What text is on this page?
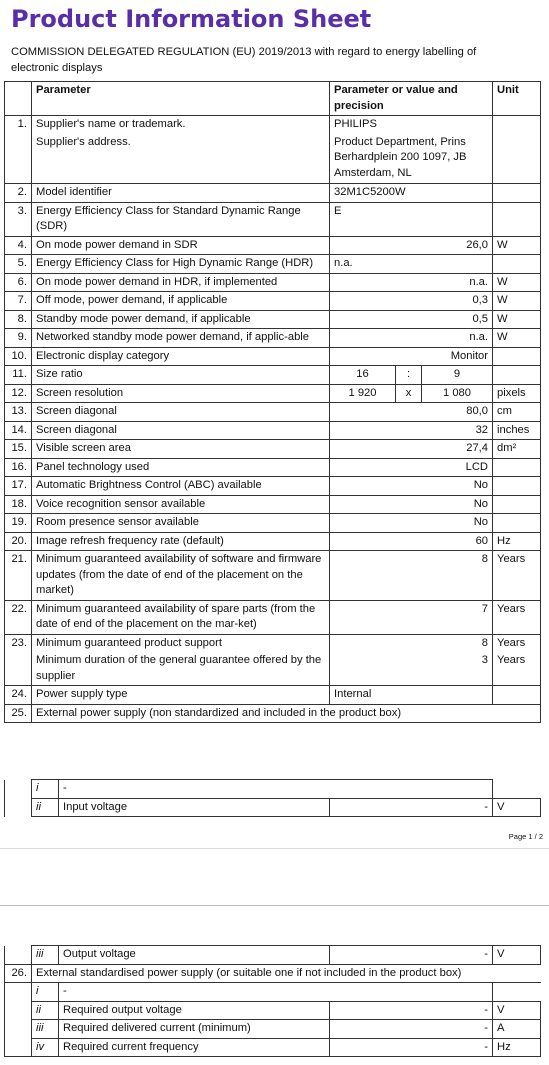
Product Information Sheet
COMMISSION DELEGATED REGULATION (EU) 2019/2013 with regard to energy labelling of electronic displays
	Parameter	Parameter or value and precision			Unit
1.	Supplier's name or trademark.	PHILIPS			
	Supplier's address.	Product Department, Prins Berhardplein 200 1097, JB Amsterdam, NL			
2.	Model identifier	32M1C5200W			
3.	Energy Efficiency Class for Standard Dynamic Range (SDR)	E			
4.	On mode power demand in SDR	26,0			W
5.	Energy Efficiency Class for High Dynamic Range (HDR)	n.a.			
6.	On mode power demand in HDR, if implemented	n.a.			W
7.	Off mode, power demand, if applicable	0,3			W
8.	Standby mode power demand, if applicable	0,5			W
9.	Networked standby mode power demand, if applic-able	n.a.			W
10.	Electronic display category	Monitor			
11.	Size ratio	16	:	9	
12.	Screen resolution	1 920	x	1 080	pixels
13.	Screen diagonal	80,0			cm
14.	Screen diagonal	32			inches
15.	Visible screen area	27,4			dm²
16.	Panel technology used	LCD			
17.	Automatic Brightness Control (ABC) available	No			
18.	Voice recognition sensor available	No			
19.	Room presence sensor available	No			
20.	Image refresh frequency rate (default)	60			Hz
21.	Minimum guaranteed availability of software and firmware updates (from the date of end of the placement on the market)	8			Years
22.	Minimum guaranteed availability of spare parts (from the date of end of the placement on the mar-ket)	7			Years
23.	Minimum guaranteed product support	8			Years
	Minimum duration of the general guarantee offered by the supplier	3			Years
24.	Power supply type	Internal			
25.	External power supply (non standardized and included in the product box)				
	i	-		
	ii	Input voltage	-	V
Page 1 / 2
	iii	Output voltage	-	V
26.	External standardised power supply (or suitable one if not included in the product box)			
	i	-		
	ii	Required output voltage	-	V
	iii	Required delivered current (minimum)	-	A
	iv	Required current frequency	-	Hz
